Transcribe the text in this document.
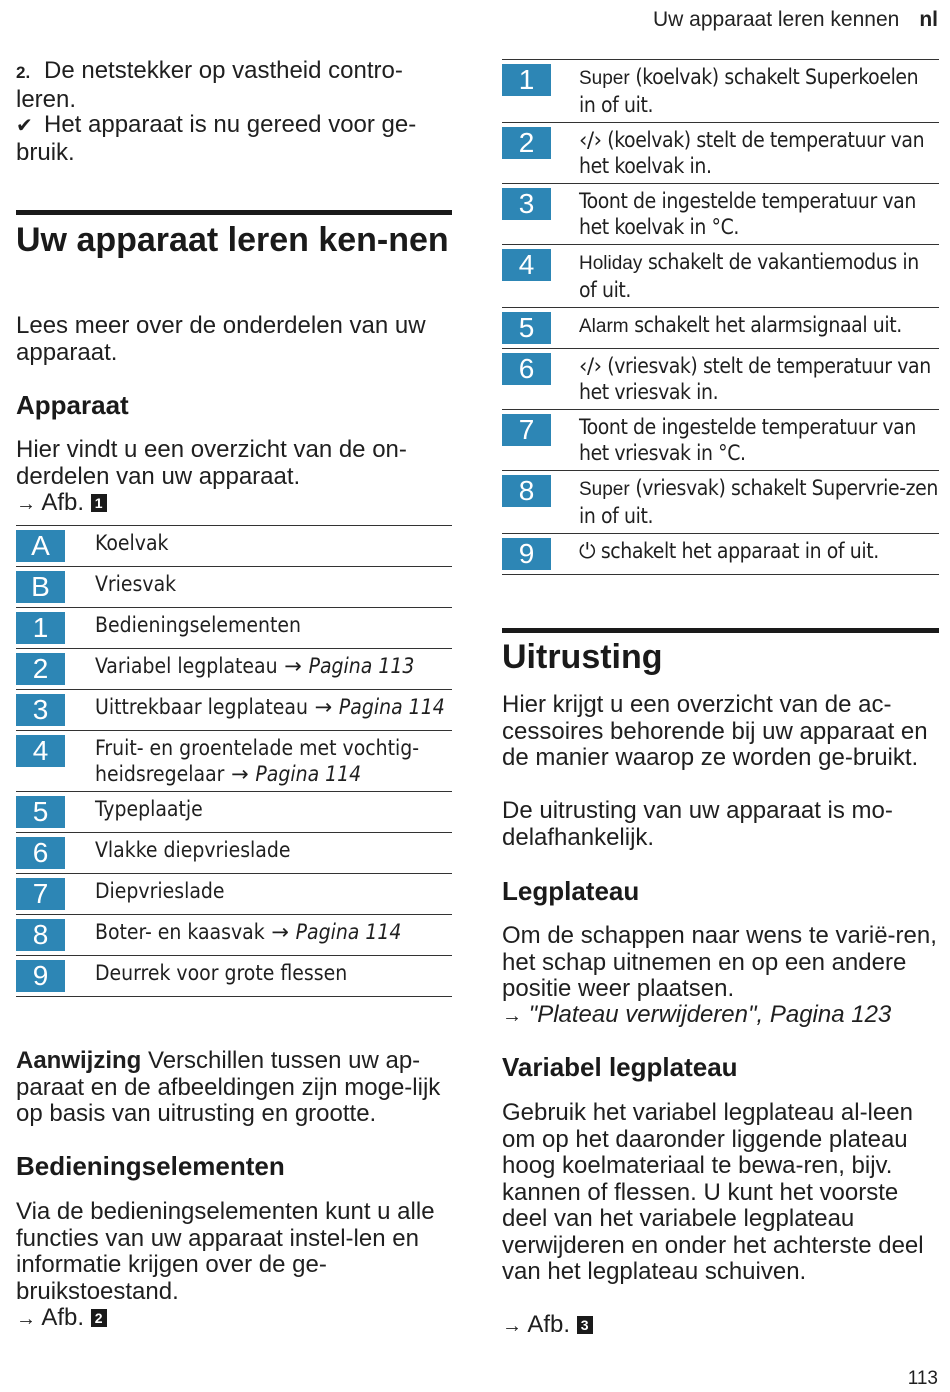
Uw apparaat leren kennen nl

2. De netstekker op vastheid contro-leren.

✔ Het apparaat is nu gereed voor ge-bruik.

Uw apparaat leren ken-nen

Lees meer over de onderdelen van uw apparaat.

Apparaat

Hier vindt u een overzicht van de on-derdelen van uw apparaat.

→ Afb. 1

A	Koelvak

B	Vriesvak

1	Bedieningselementen

2	Variabel legplateau → Pagina 113

3	Uittrekbaar legplateau → Pagina 114

4	Fruit- en groentelade met vochtig-heidsregelaar → Pagina 114

5	Typeplaatje

6	Vlakke diepvrieslade

7	Diepvrieslade

8	Boter- en kaasvak → Pagina 114

9	Deurrek voor grote flessen

Aanwijzing Verschillen tussen uw ap-paraat en de afbeeldingen zijn moge-lijk op basis van uitrusting en grootte.

Bedieningselementen

Via de bedieningselementen kunt u alle functies van uw apparaat instel-len en informatie krijgen over de ge-bruikstoestand.

→ Afb. 2

1	Super (koelvak) schakelt Superkoelen in of uit.

2	‹/› (koelvak) stelt de temperatuur van het koelvak in.

3	Toont de ingestelde temperatuur van het koelvak in °C.

4	Holiday schakelt de vakantiemodus in of uit.

5	Alarm schakelt het alarmsignaal uit.

6	‹/› (vriesvak) stelt de temperatuur van het vriesvak in.

7	Toont de ingestelde temperatuur van het vriesvak in °C.

8	Super (vriesvak) schakelt Supervrie-zen in of uit.

9	⏻ schakelt het apparaat in of uit.
Uitrusting

Hier krijgt u een overzicht van de ac-cessoires behorende bij uw apparaat en de manier waarop ze worden ge-bruikt.

De uitrusting van uw apparaat is mo-delafhankelijk.

Legplateau

Om de schappen naar wens te varië-ren, het schap uitnemen en op een andere positie weer plaatsen.

→ "Plateau verwijderen", Pagina 123

Variabel legplateau

Gebruik het variabel legplateau al-leen om op het daaronder liggende plateau hoog koelmateriaal te bewa-ren, bijv. kannen of flessen. U kunt het voorste deel van het variabele legplateau verwijderen en onder het achterste deel van het legplateau schuiven.

→ Afb. 3

113
